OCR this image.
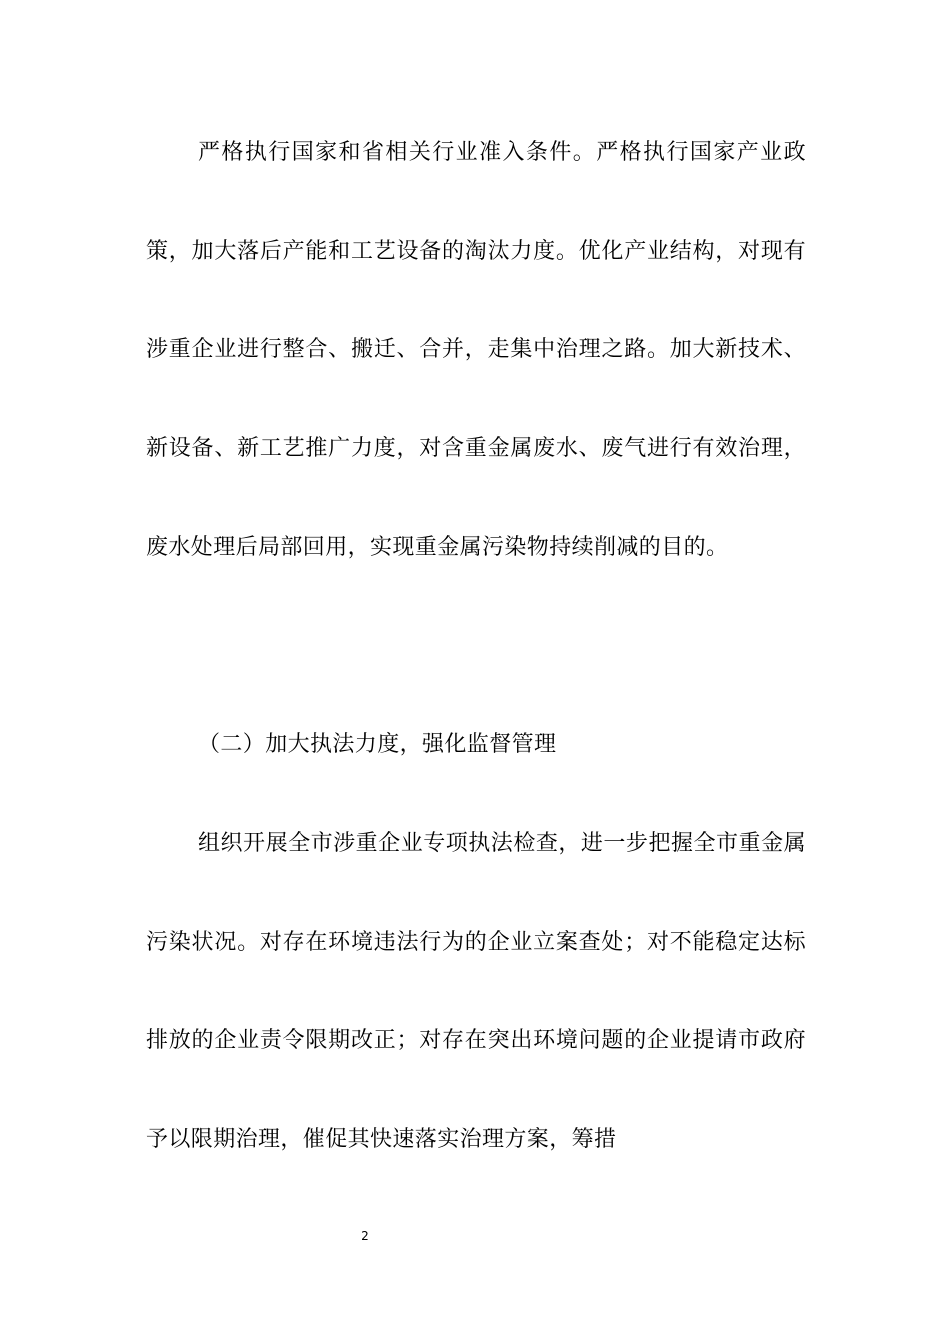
严格执行国家和省相关行业准入条件。严格执行国家产业政策，加大落后产能和工艺设备的淘汰力度。优化产业结构，对现有涉重企业进行整合、搬迁、合并，走集中治理之路。加大新技术、新设备、新工艺推广力度，对含重金属废水、废气进行有效治理，废水处理后局部回用，实现重金属污染物持续削减的目的。

（二）加大执法力度，强化监督管理

组织开展全市涉重企业专项执法检查，进一步把握全市重金属污染状况。对存在环境违法行为的企业立案查处；对不能稳定达标排放的企业责令限期改正；对存在突出环境问题的企业提请市政府予以限期治理，催促其快速落实治理方案，筹措

2
